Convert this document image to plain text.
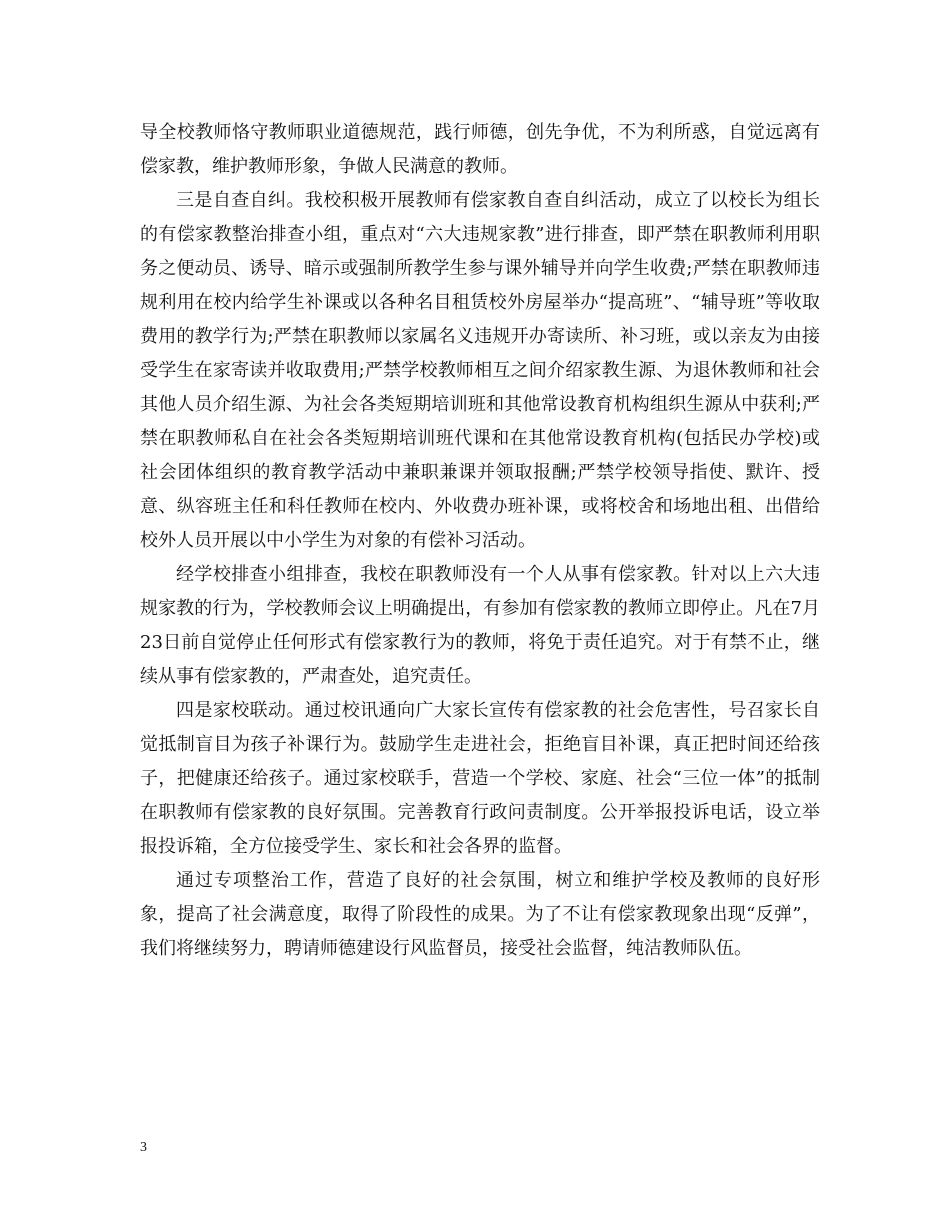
导全校教师恪守教师职业道德规范，践行师德，创先争优，不为利所惑，自觉远离有偿家教，维护教师形象，争做人民满意的教师。

三是自查自纠。我校积极开展教师有偿家教自查自纠活动，成立了以校长为组长的有偿家教整治排查小组，重点对“六大违规家教”进行排查，即严禁在职教师利用职务之便动员、诱导、暗示或强制所教学生参与课外辅导并向学生收费;严禁在职教师违规利用在校内给学生补课或以各种名目租赁校外房屋举办“提高班”、“辅导班”等收取费用的教学行为;严禁在职教师以家属名义违规开办寄读所、补习班，或以亲友为由接受学生在家寄读并收取费用;严禁学校教师相互之间介绍家教生源、为退休教师和社会其他人员介绍生源、为社会各类短期培训班和其他常设教育机构组织生源从中获利;严禁在职教师私自在社会各类短期培训班代课和在其他常设教育机构(包括民办学校)或社会团体组织的教育教学活动中兼职兼课并领取报酬;严禁学校领导指使、默许、授意、纵容班主任和科任教师在校内、外收费办班补课，或将校舍和场地出租、出借给校外人员开展以中小学生为对象的有偿补习活动。

经学校排查小组排查，我校在职教师没有一个人从事有偿家教。针对以上六大违规家教的行为，学校教师会议上明确提出，有参加有偿家教的教师立即停止。凡在7月23日前自觉停止任何形式有偿家教行为的教师，将免于责任追究。对于有禁不止，继续从事有偿家教的，严肃查处，追究责任。

四是家校联动。通过校讯通向广大家长宣传有偿家教的社会危害性，号召家长自觉抵制盲目为孩子补课行为。鼓励学生走进社会，拒绝盲目补课，真正把时间还给孩子，把健康还给孩子。通过家校联手，营造一个学校、家庭、社会“三位一体”的抵制在职教师有偿家教的良好氛围。完善教育行政问责制度。公开举报投诉电话，设立举报投诉箱，全方位接受学生、家长和社会各界的监督。

通过专项整治工作，营造了良好的社会氛围，树立和维护学校及教师的良好形象，提高了社会满意度，取得了阶段性的成果。为了不让有偿家教现象出现“反弹”，我们将继续努力，聘请师德建设行风监督员，接受社会监督，纯洁教师队伍。

3
